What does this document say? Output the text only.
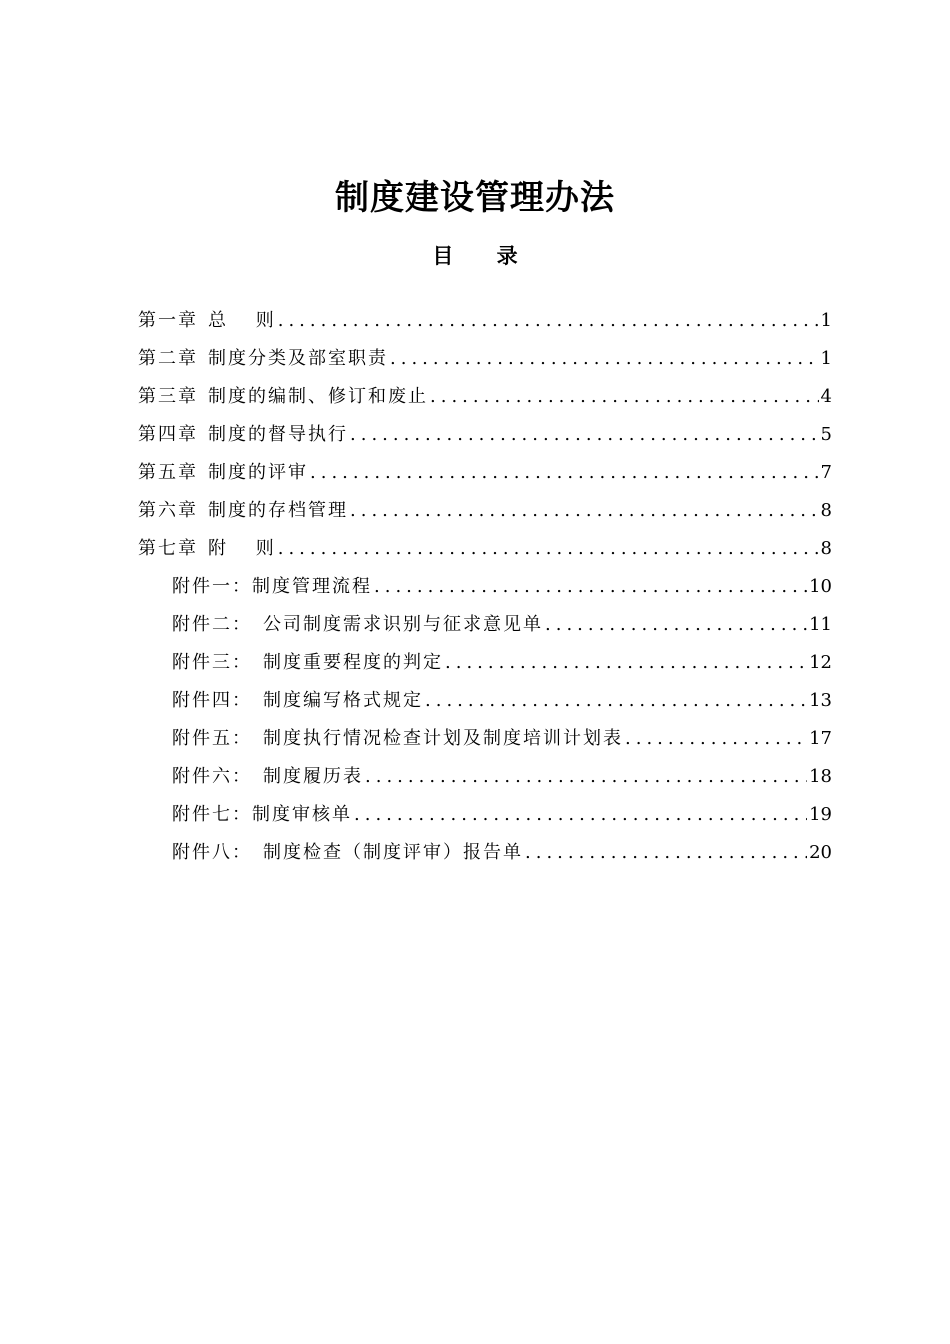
制度建设管理办法
目 录
第一章 总　 则 .....	1
第二章 制度分类及部室职责 .....	1
第三章 制度的编制、修订和废止 .....	4
第四章 制度的督导执行 .....	5
第五章 制度的评审 .....	7
第六章 制度的存档管理 .....	8
第七章 附　 则 .....	8
附件一：制度管理流程 .....	10
附件二：　公司制度需求识别与征求意见单 .....	11
附件三：　制度重要程度的判定 .....	12
附件四：　制度编写格式规定 .....	13
附件五：　制度执行情况检查计划及制度培训计划表 .....	17
附件六：　制度履历表 .....	18
附件七：制度审核单 .....	19
附件八：　制度检查（制度评审）报告单 .....	20
